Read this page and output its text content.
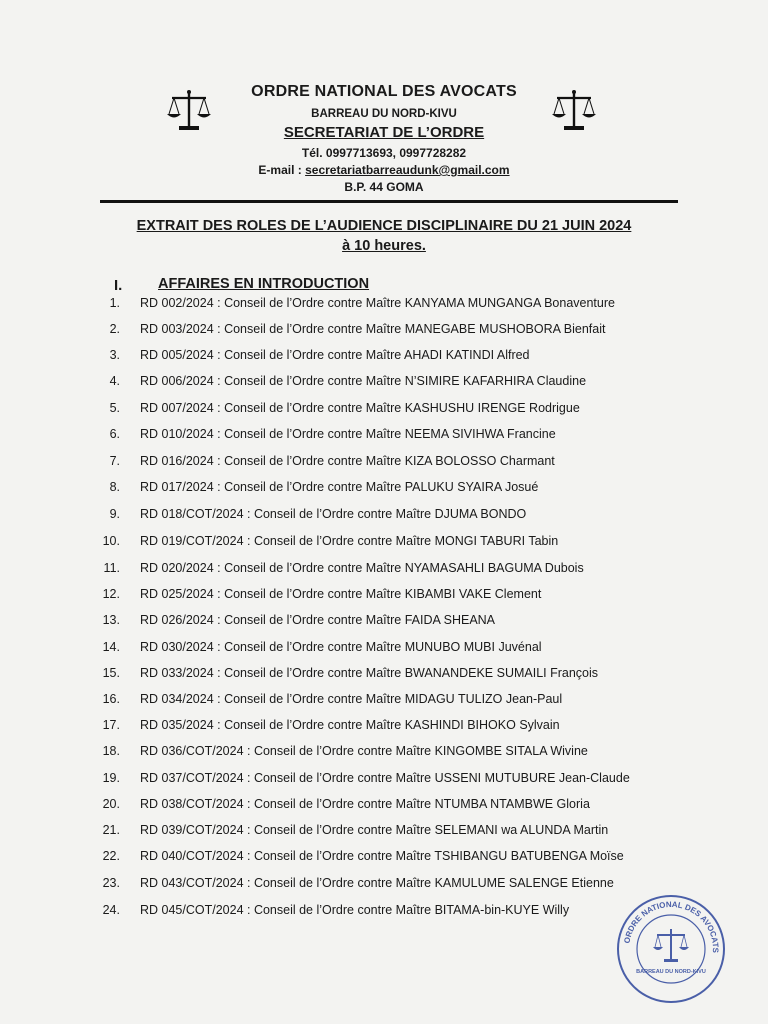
ORDRE NATIONAL DES AVOCATS
BARREAU DU NORD-KIVU
SECRETARIAT DE L’ORDRE
Tél. 0997713693, 0997728282
E-mail : secretariatbarreaudunk@gmail.com
B.P. 44 GOMA
EXTRAIT DES ROLES DE L’AUDIENCE DISCIPLINAIRE DU 21 JUIN 2024
à 10 heures.
I. AFFAIRES EN INTRODUCTION
1. RD 002/2024 : Conseil de l’Ordre contre Maître KANYAMA MUNGANGA Bonaventure
2. RD 003/2024 : Conseil de l’Ordre contre Maître MANEGABE MUSHOBORA Bienfait
3. RD 005/2024 : Conseil de l’Ordre contre Maître AHADI KATINDI Alfred
4. RD 006/2024 : Conseil de l’Ordre contre Maître N’SIMIRE KAFARHIRA Claudine
5. RD 007/2024 : Conseil de l’Ordre contre Maître KASHUSHU IRENGE Rodrigue
6. RD 010/2024 : Conseil de l’Ordre contre Maître NEEMA SIVIHWA Francine
7. RD 016/2024 : Conseil de l’Ordre contre Maître KIZA BOLOSSO Charmant
8. RD 017/2024 : Conseil de l’Ordre contre Maître PALUKU SYAIRA Josué
9. RD 018/COT/2024 : Conseil de l’Ordre contre Maître DJUMA BONDO
10. RD 019/COT/2024 : Conseil de l’Ordre contre Maître MONGI TABURI Tabin
11. RD 020/2024 : Conseil de l’Ordre contre Maître NYAMASAHLI BAGUMA Dubois
12. RD 025/2024 : Conseil de l’Ordre contre Maître KIBAMBI VAKE Clement
13. RD 026/2024 : Conseil de l’Ordre contre Maître FAIDA SHEANA
14. RD 030/2024 : Conseil de l’Ordre contre Maître MUNUBO MUBI Juvénal
15. RD 033/2024 : Conseil de l’Ordre contre Maître BWANANDEKE SUMAILI François
16. RD 034/2024 : Conseil de l’Ordre contre Maître MIDAGU TULIZO Jean-Paul
17. RD 035/2024 : Conseil de l’Ordre contre Maître KASHINDI BIHOKO Sylvain
18. RD 036/COT/2024 : Conseil de l’Ordre contre Maître KINGOMBE SITALA Wivine
19. RD 037/COT/2024 : Conseil de l’Ordre contre Maître USSENI MUTUBURE Jean-Claude
20. RD 038/COT/2024 : Conseil de l’Ordre contre Maître NTUMBA NTAMBWE Gloria
21. RD 039/COT/2024 : Conseil de l’Ordre contre Maître SELEMANI wa ALUNDA Martin
22. RD 040/COT/2024 : Conseil de l’Ordre contre Maître TSHIBANGU BATUBENGA Moïse
23. RD 043/COT/2024 : Conseil de l’Ordre contre Maître KAMULUME SALENGE Etienne
24. RD 045/COT/2024 : Conseil de l’Ordre contre Maître BITAMA-bin-KUYE Willy
ORDRE NATIONAL DES AVOCATS
BARREAU DU NORD-KIVU
